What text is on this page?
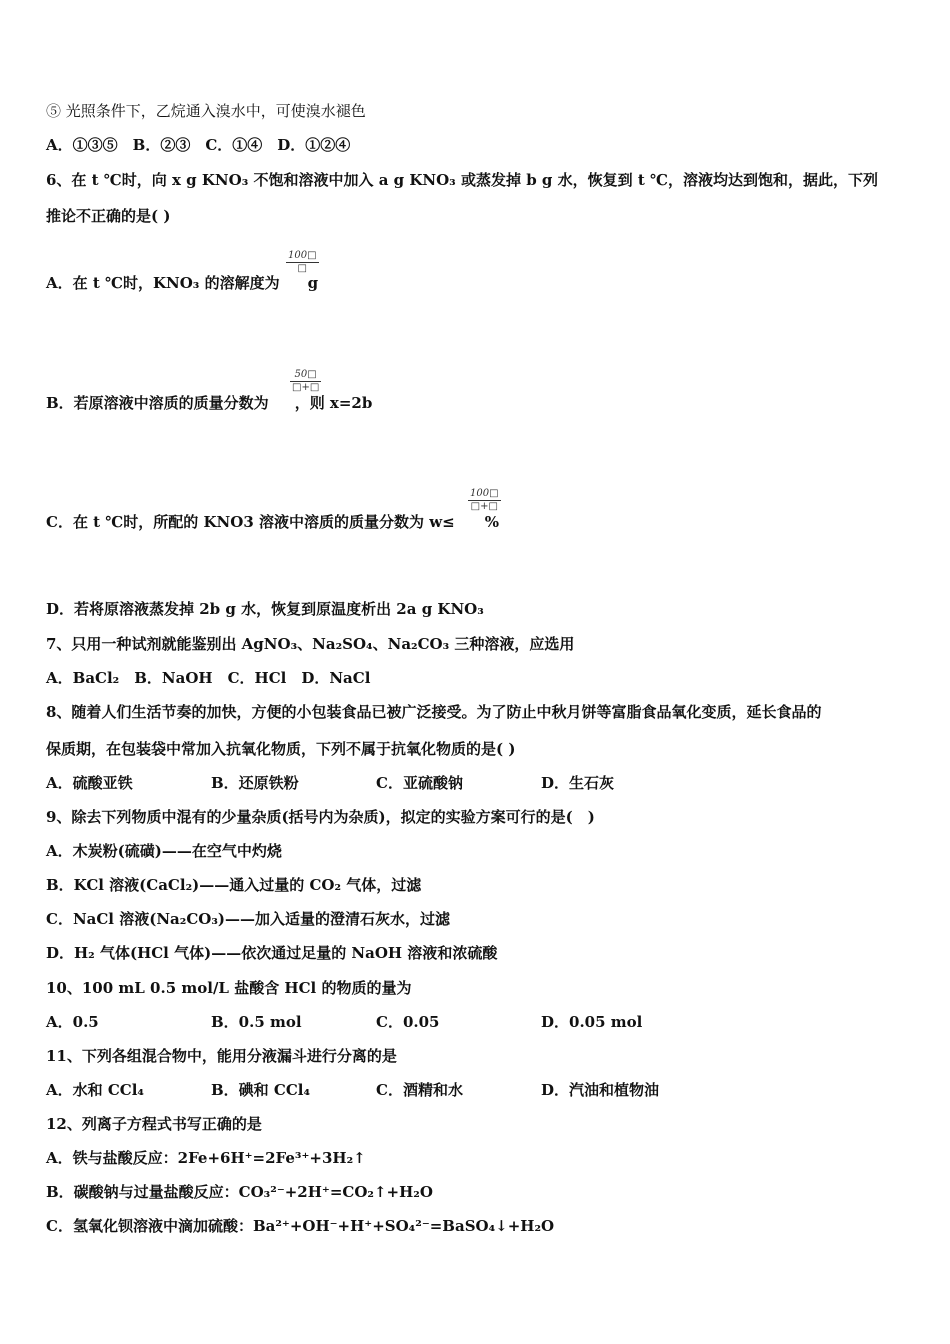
⑤ 光照条件下，乙烷通入溴水中，可使溴水褪色
A．①③⑤　B．②③　C．①④　D．①②④
6、在 t ℃时，向 x g KNO₃ 不饱和溶液中加入 a g KNO₃ 或蒸发掉 b g 水，恢复到 t ℃，溶液均达到饱和，据此，下列
推论不正确的是( )
A．在 t ℃时，KNO₃ 的溶解度为 g
100□
□
B．若原溶液中溶质的质量分数为 ，则 x=2b
50□
□+□
C．在 t ℃时，所配的 KNO3 溶液中溶质的质量分数为 w≤ %
100□
□+□
D．若将原溶液蒸发掉 2b g 水，恢复到原温度析出 2a g KNO₃
7、只用一种试剂就能鉴别出 AgNO₃、Na₂SO₄、Na₂CO₃ 三种溶液，应选用
A．BaCl₂　B．NaOH　C．HCl　D．NaCl
8、随着人们生活节奏的加快，方便的小包装食品已被广泛接受。为了防止中秋月饼等富脂食品氧化变质，延长食品的
保质期，在包装袋中常加入抗氧化物质，下列不属于抗氧化物质的是( )
A．硫酸亚铁	B．还原铁粉	C．亚硫酸钠	D．生石灰
9、除去下列物质中混有的少量杂质(括号内为杂质)，拟定的实验方案可行的是(　)
A．木炭粉(硫磺)——在空气中灼烧
B．KCl 溶液(CaCl₂)——通入过量的 CO₂ 气体，过滤
C．NaCl 溶液(Na₂CO₃)——加入适量的澄清石灰水，过滤
D．H₂ 气体(HCl 气体)——依次通过足量的 NaOH 溶液和浓硫酸
10、100 mL 0.5 mol/L 盐酸含 HCl 的物质的量为
A．0.5	B．0.5 mol	C．0.05	D．0.05 mol
11、下列各组混合物中，能用分液漏斗进行分离的是
A．水和 CCl₄	B．碘和 CCl₄	C．酒精和水	D．汽油和植物油
12、列离子方程式书写正确的是
A．铁与盐酸反应：2Fe+6H⁺=2Fe³⁺+3H₂↑
B．碳酸钠与过量盐酸反应：CO₃²⁻+2H⁺=CO₂↑+H₂O
C．氢氧化钡溶液中滴加硫酸：Ba²⁺+OH⁻+H⁺+SO₄²⁻=BaSO₄↓+H₂O
